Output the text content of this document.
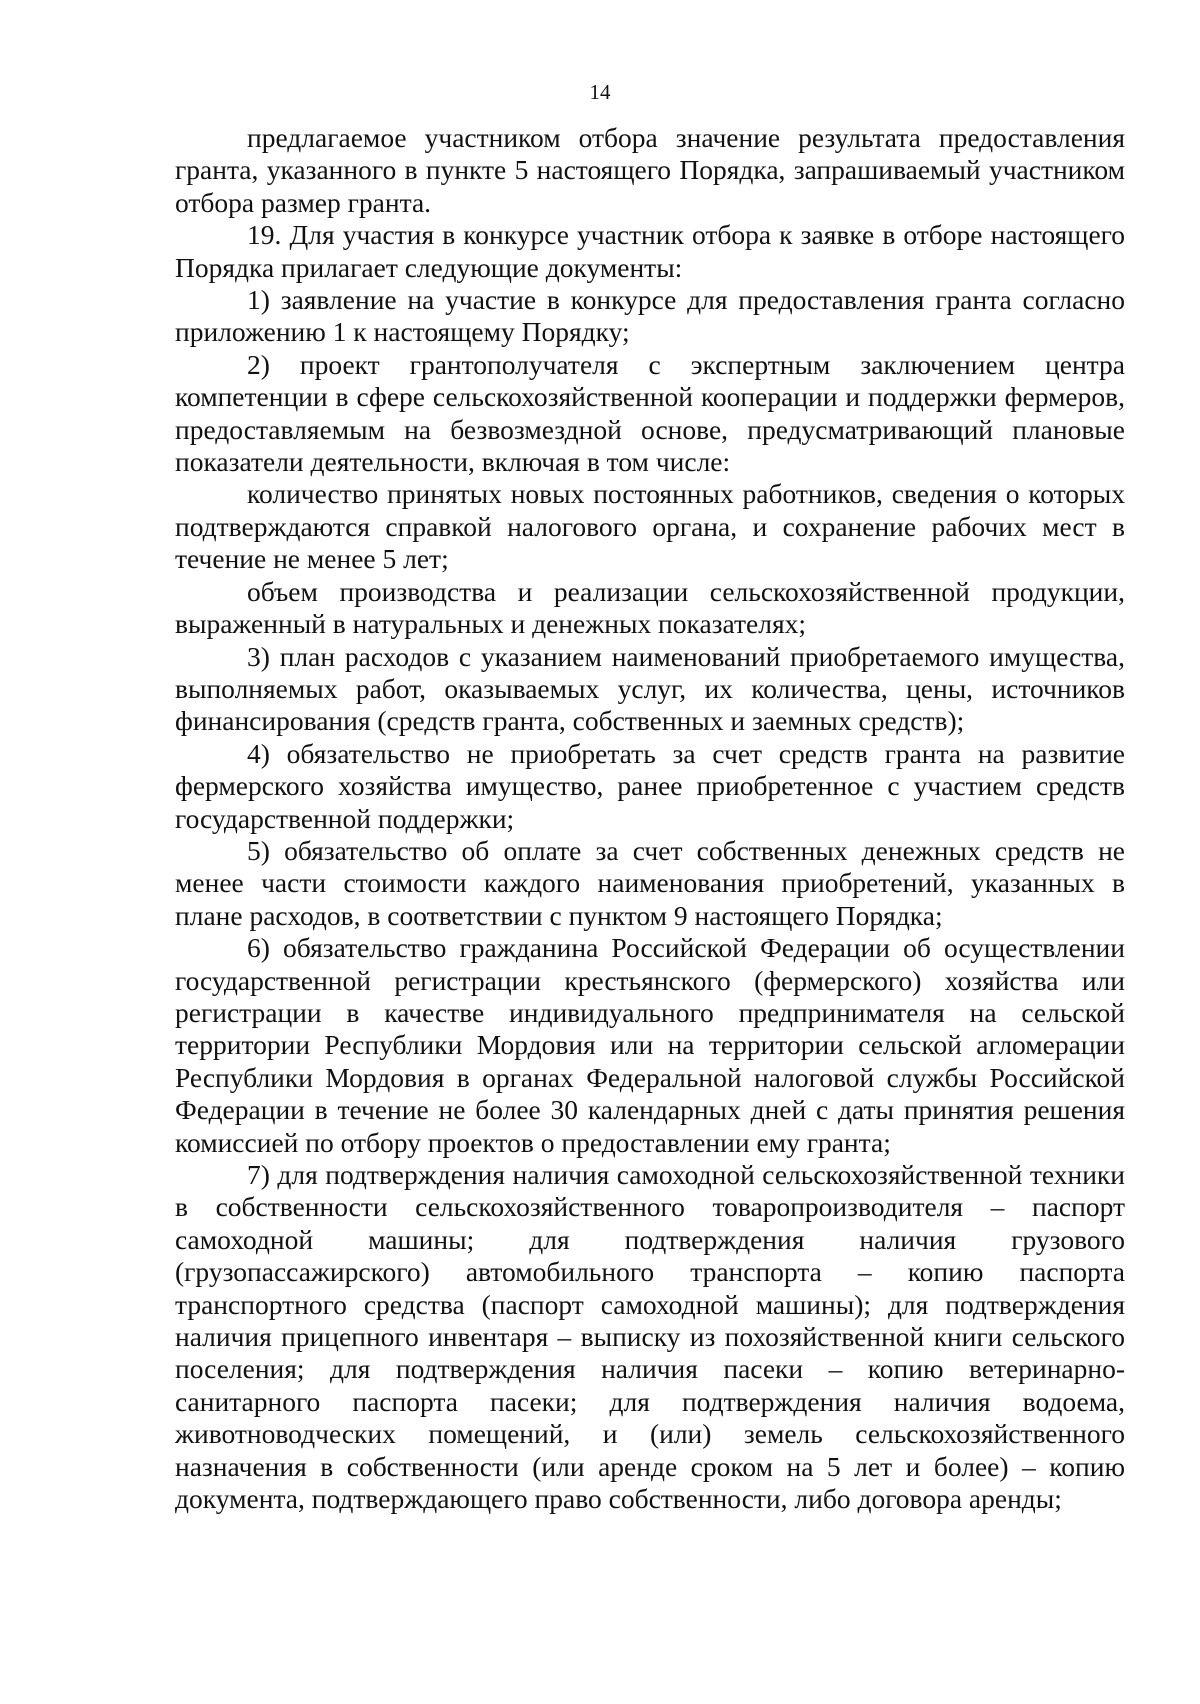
14

предлагаемое участником отбора значение результата предоставления гранта, указанного в пункте 5 настоящего Порядка, запрашиваемый участником отбора размер гранта.

19. Для участия в конкурсе участник отбора к заявке в отборе настоящего Порядка прилагает следующие документы:

1) заявление на участие в конкурсе для предоставления гранта согласно приложению 1 к настоящему Порядку;

2) проект грантополучателя с экспертным заключением центра компетенции в сфере сельскохозяйственной кооперации и поддержки фермеров, предоставляемым на безвозмездной основе, предусматривающий плановые показатели деятельности, включая в том числе:

количество принятых новых постоянных работников, сведения о которых подтверждаются справкой налогового органа, и сохранение рабочих мест в течение не менее 5 лет;

объем производства и реализации сельскохозяйственной продукции, выраженный в натуральных и денежных показателях;

3) план расходов с указанием наименований приобретаемого имущества, выполняемых работ, оказываемых услуг, их количества, цены, источников финансирования (средств гранта, собственных и заемных средств);

4) обязательство не приобретать за счет средств гранта на развитие фермерского хозяйства имущество, ранее приобретенное с участием средств государственной поддержки;

5) обязательство об оплате за счет собственных денежных средств не менее части стоимости каждого наименования приобретений, указанных в плане расходов, в соответствии с пунктом 9 настоящего Порядка;

6) обязательство гражданина Российской Федерации об осуществлении государственной регистрации крестьянского (фермерского) хозяйства или регистрации в качестве индивидуального предпринимателя на сельской территории Республики Мордовия или на территории сельской агломерации Республики Мордовия в органах Федеральной налоговой службы Российской Федерации в течение не более 30 календарных дней с даты принятия решения комиссией по отбору проектов о предоставлении ему гранта;

7) для подтверждения наличия самоходной сельскохозяйственной техники в собственности сельскохозяйственного товаропроизводителя – паспорт самоходной машины; для подтверждения наличия грузового (грузопассажирского) автомобильного транспорта – копию паспорта транспортного средства (паспорт самоходной машины); для подтверждения наличия прицепного инвентаря – выписку из похозяйственной книги сельского поселения; для подтверждения наличия пасеки – копию ветеринарно-санитарного паспорта пасеки; для подтверждения наличия водоема, животноводческих помещений, и (или) земель сельскохозяйственного назначения в собственности (или аренде сроком на 5 лет и более) – копию документа, подтверждающего право собственности, либо договора аренды;
